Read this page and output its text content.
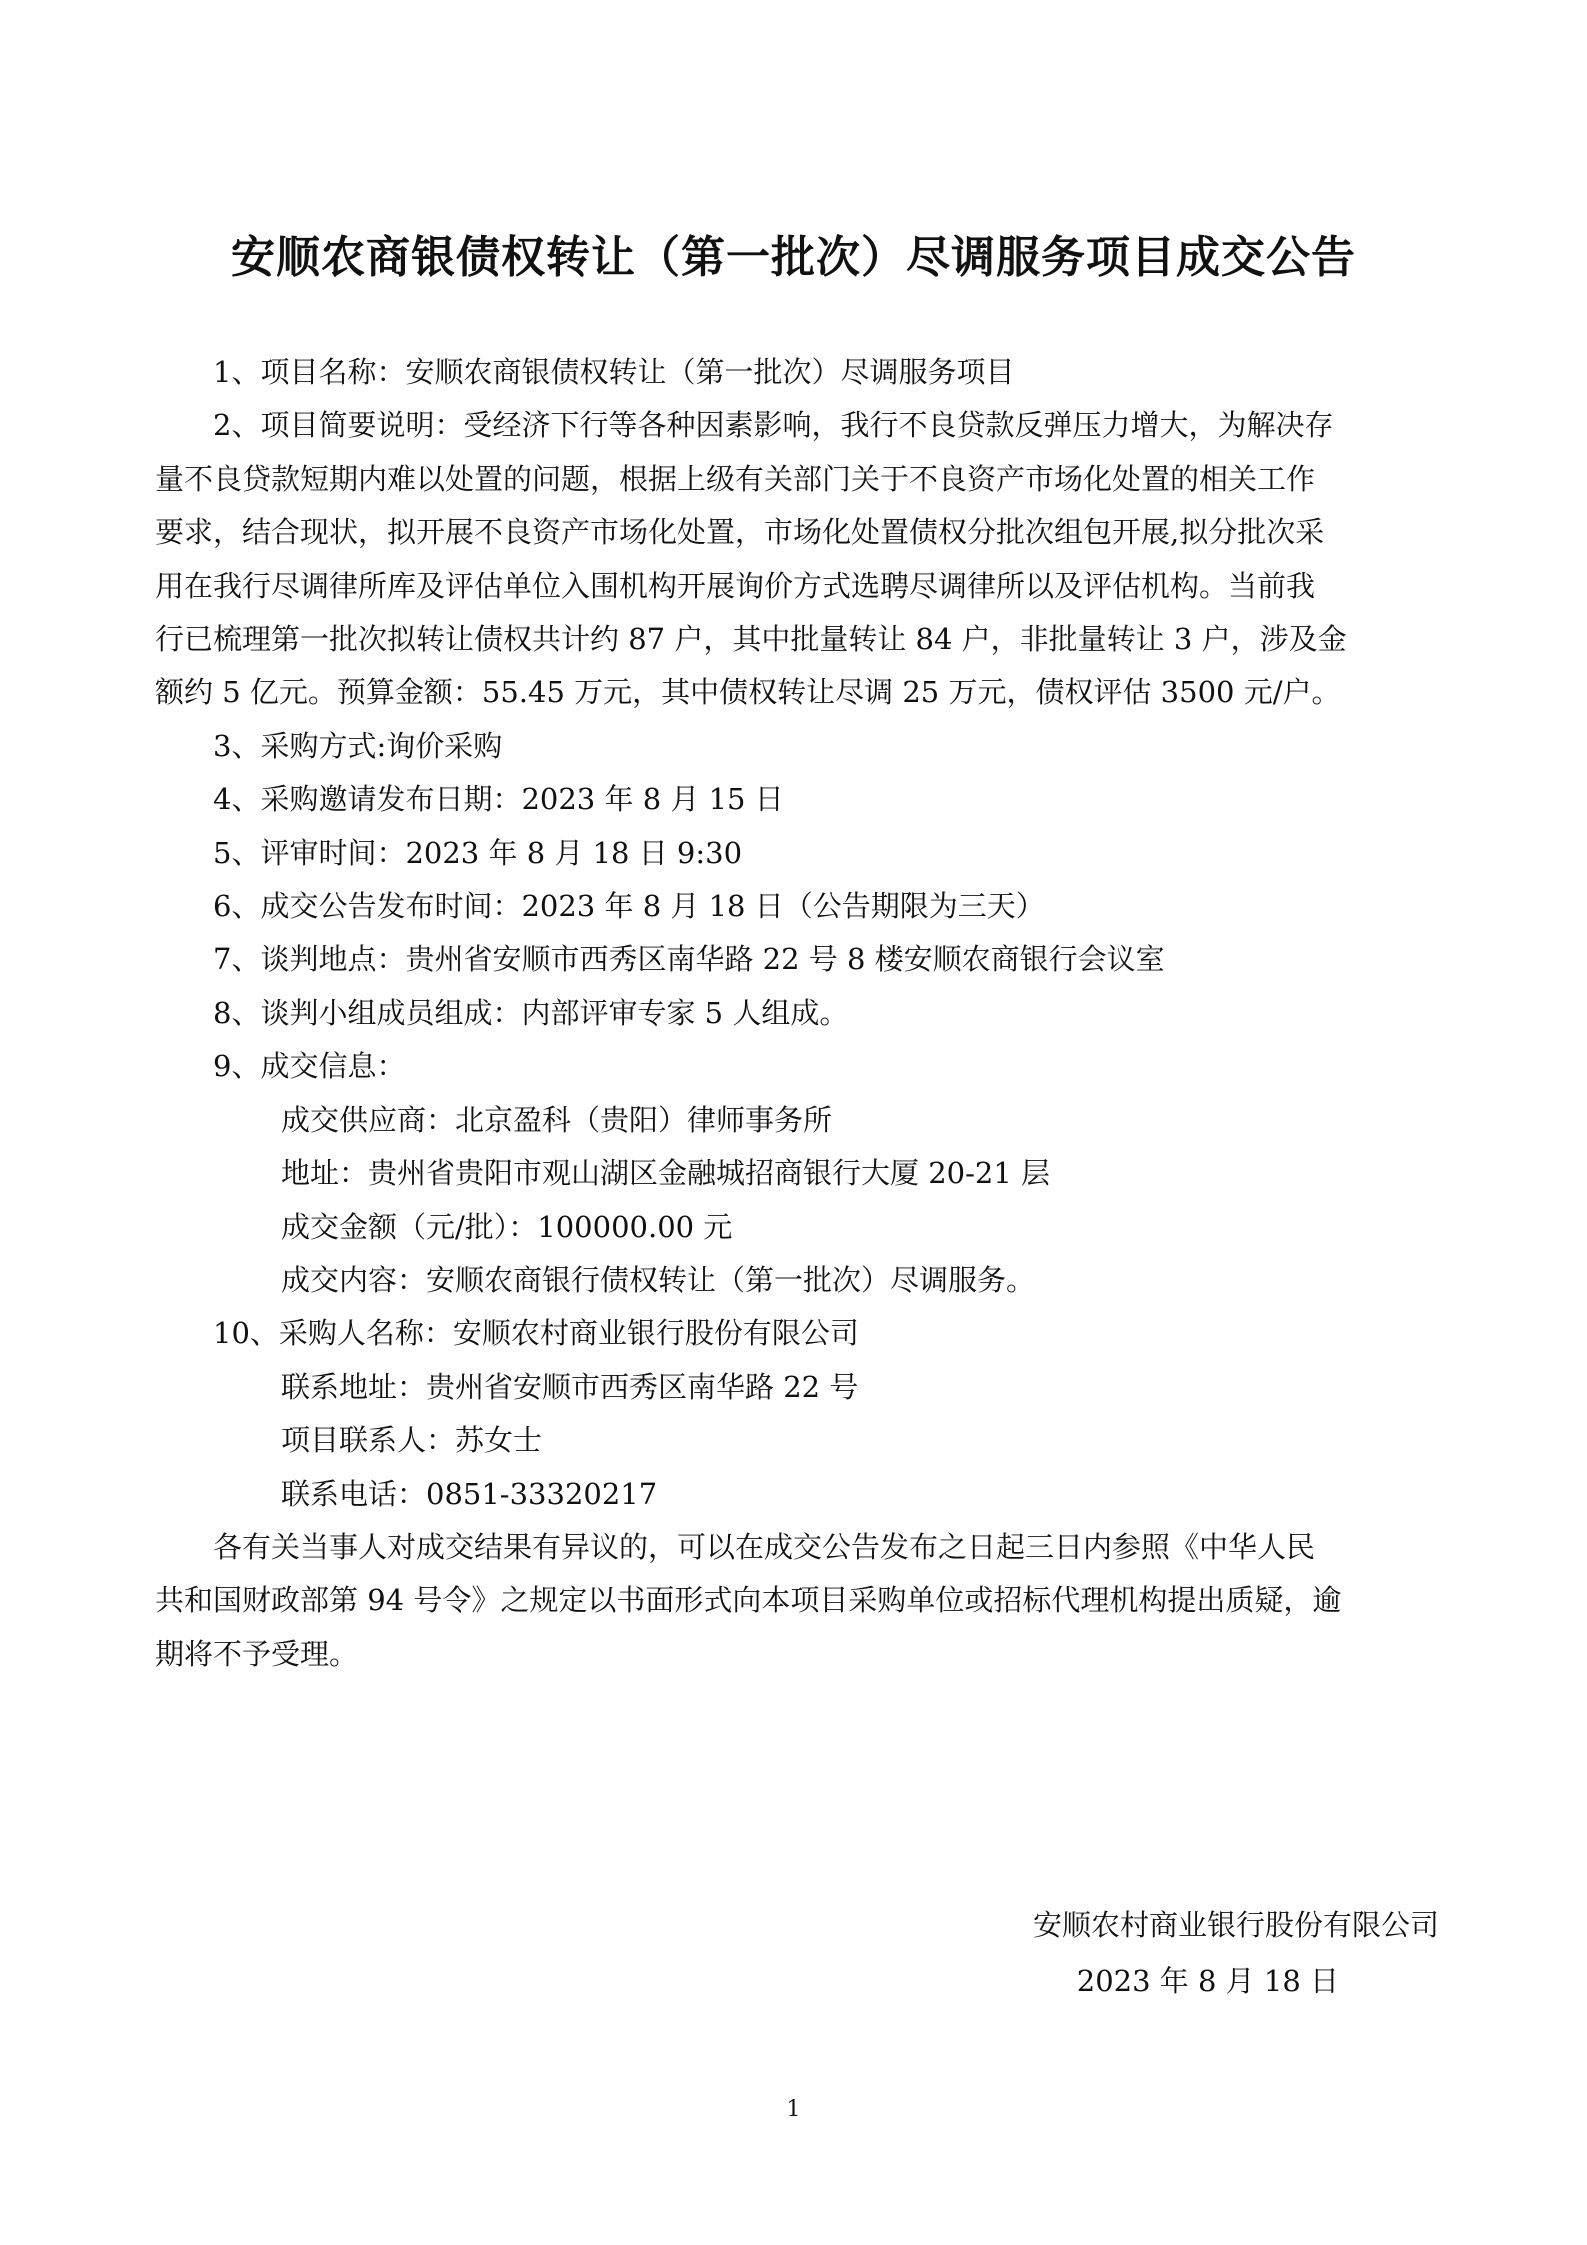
安顺农商银债权转让（第一批次）尽调服务项目成交公告

1、项目名称：安顺农商银债权转让（第一批次）尽调服务项目

2、项目简要说明：受经济下行等各种因素影响，我行不良贷款反弹压力增大，为解决存

量不良贷款短期内难以处置的问题，根据上级有关部门关于不良资产市场化处置的相关工作

要求，结合现状，拟开展不良资产市场化处置，市场化处置债权分批次组包开展,拟分批次采

用在我行尽调律所库及评估单位入围机构开展询价方式选聘尽调律所以及评估机构。当前我

行已梳理第一批次拟转让债权共计约 87 户，其中批量转让 84 户，非批量转让 3 户，涉及金

额约 5 亿元。预算金额：55.45 万元，其中债权转让尽调 25 万元，债权评估 3500 元/户。

3、采购方式:询价采购

4、采购邀请发布日期：2023 年 8 月 15 日

5、评审时间：2023 年 8 月 18 日 9:30

6、成交公告发布时间：2023 年 8 月 18 日（公告期限为三天）

7、谈判地点：贵州省安顺市西秀区南华路 22 号 8 楼安顺农商银行会议室

8、谈判小组成员组成：内部评审专家 5 人组成。

9、成交信息：

成交供应商：北京盈科（贵阳）律师事务所

地址：贵州省贵阳市观山湖区金融城招商银行大厦 20-21 层

成交金额（元/批）：100000.00 元

成交内容：安顺农商银行债权转让（第一批次）尽调服务。

10、采购人名称：安顺农村商业银行股份有限公司

联系地址：贵州省安顺市西秀区南华路 22 号

项目联系人：苏女士

联系电话：0851-33320217

各有关当事人对成交结果有异议的，可以在成交公告发布之日起三日内参照《中华人民

共和国财政部第 94 号令》之规定以书面形式向本项目采购单位或招标代理机构提出质疑，逾

期将不予受理。

安顺农村商业银行股份有限公司
2023 年 8 月 18 日
1
